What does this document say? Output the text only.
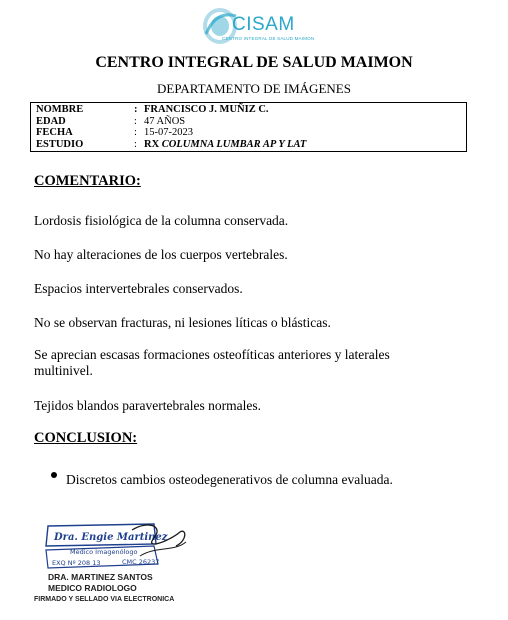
CISAM
CENTRO INTEGRAL DE SALUD MAIMON
CENTRO INTEGRAL DE SALUD MAIMON
DEPARTAMENTO DE IMÁGENES
NOMBRE	: FRANCISCO J. MUÑIZ C.
EDAD	: 47 AÑOS
FECHA	: 15-07-2023
ESTUDIO	: RX COLUMNA LUMBAR AP Y LAT
COMENTARIO:
Lordosis fisiológica de la columna conservada.
No hay alteraciones de los cuerpos vertebrales.
Espacios intervertebrales conservados.
No se observan fracturas, ni lesiones líticas o blásticas.
Se aprecian escasas formaciones osteofíticas anteriores y laterales multinivel.
Tejidos blandos paravertebrales normales.
CONCLUSION:
Discretos cambios osteodegenerativos de columna evaluada.
Dra. Engie Martinez
Medico Imagenólogo
EXQ Nº 208 13	CMC 26237
DRA. MARTINEZ SANTOS
MEDICO RADIOLOGO
FIRMADO Y SELLADO VIA ELECTRONICA
